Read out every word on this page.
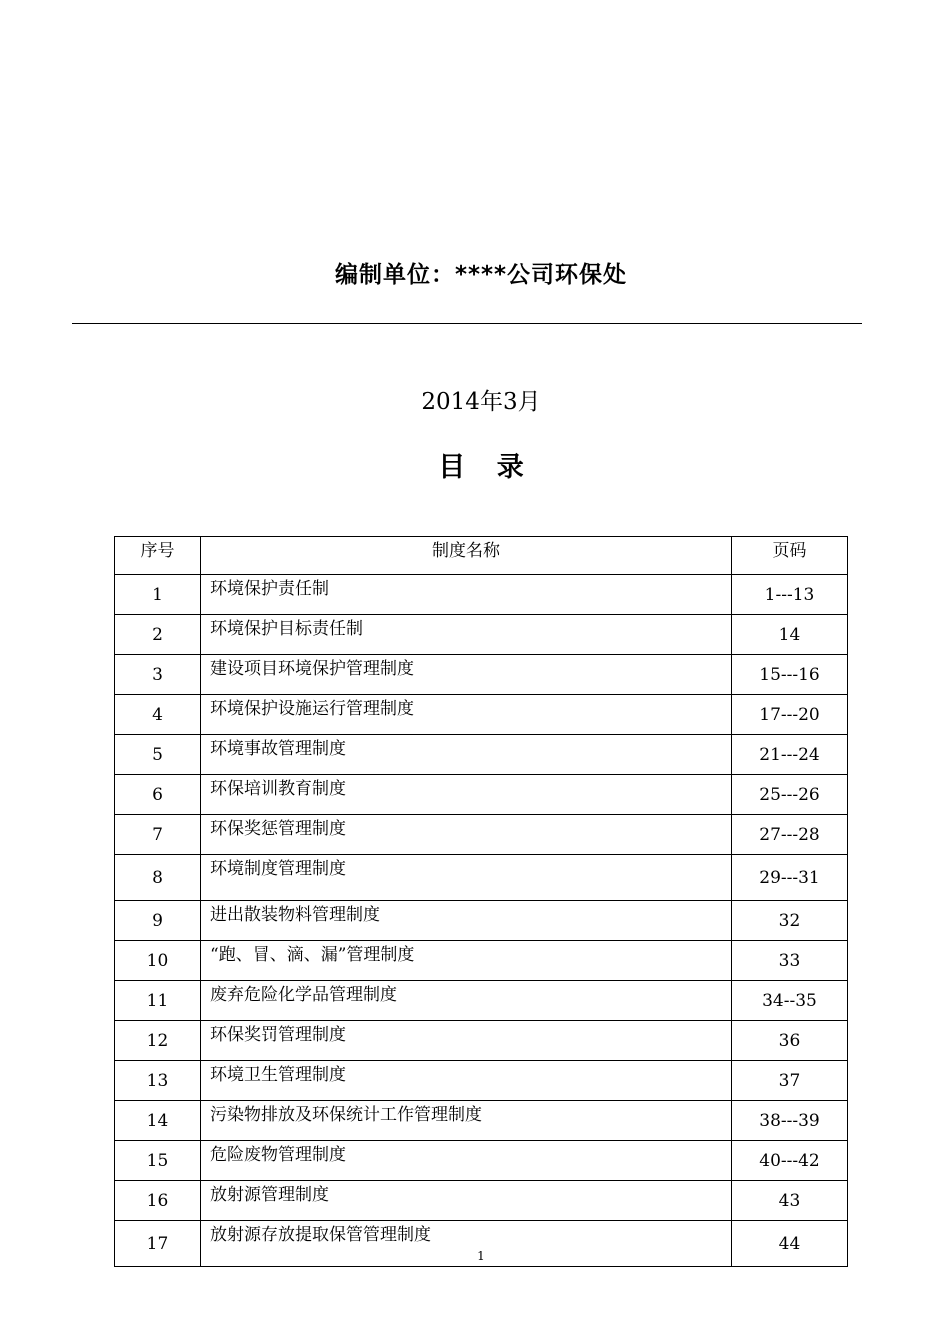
编制单位：****公司环保处
2014年3月
目 录
序号	制度名称	页码
1	环境保护责任制	1---13
2	环境保护目标责任制	14
3	建设项目环境保护管理制度	15---16
4	环境保护设施运行管理制度	17---20
5	环境事故管理制度	21---24
6	环保培训教育制度	25---26
7	环保奖惩管理制度	27---28
8	环境制度管理制度	29---31
9	进出散装物料管理制度	32
10	“跑、冒、滴、漏”管理制度	33
11	废弃危险化学品管理制度	34--35
12	环保奖罚管理制度	36
13	环境卫生管理制度	37
14	污染物排放及环保统计工作管理制度	38---39
15	危险废物管理制度	40---42
16	放射源管理制度	43
17	放射源存放提取保管管理制度	44
1
